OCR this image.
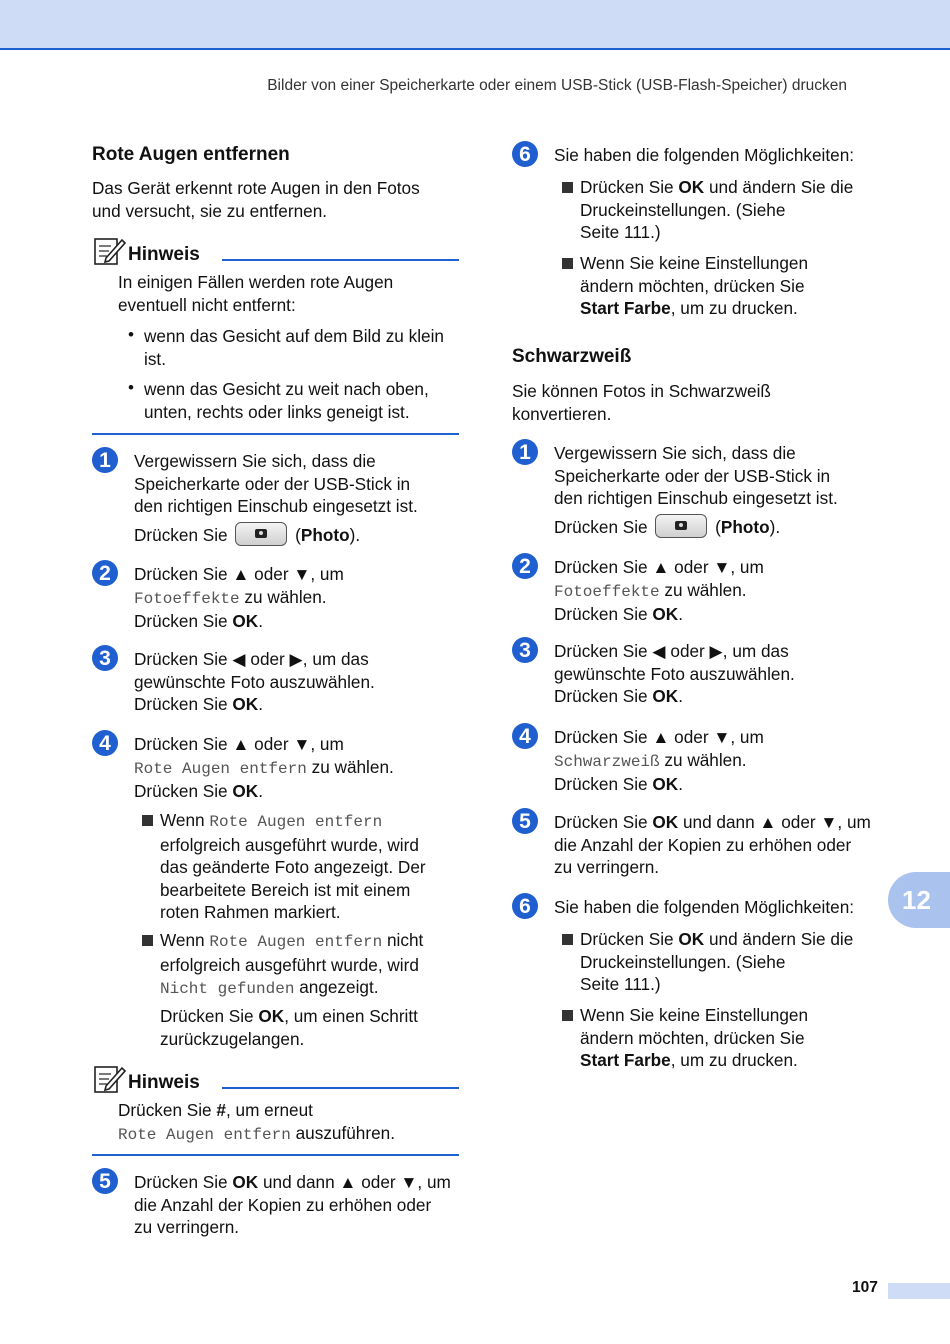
Bilder von einer Speicherkarte oder einem USB-Stick (USB-Flash-Speicher) drucken
Rote Augen entfernen
Das Gerät erkennt rote Augen in den Fotos
und versucht, sie zu entfernen.
Hinweis
In einigen Fällen werden rote Augen
eventuell nicht entfernt:
• wenn das Gesicht auf dem Bild zu klein
ist.
• wenn das Gesicht zu weit nach oben,
unten, rechts oder links geneigt ist.
1	Vergewissern Sie sich, dass die
Speicherkarte oder der USB-Stick in
den richtigen Einschub eingesetzt ist.
Drücken Sie	(Photo).
2	Drücken Sie ▲ oder ▼, um
Fotoeffekte zu wählen.
Drücken Sie OK.
3	Drücken Sie ◀ oder ▶, um das
gewünschte Foto auszuwählen.
Drücken Sie OK.
4	Drücken Sie ▲ oder ▼, um
Rote Augen entfern zu wählen.
Drücken Sie OK.
Wenn Rote Augen entfern
erfolgreich ausgeführt wurde, wird
das geänderte Foto angezeigt. Der
bearbeitete Bereich ist mit einem
roten Rahmen markiert.
Wenn Rote Augen entfern nicht
erfolgreich ausgeführt wurde, wird
Nicht gefunden angezeigt.
Drücken Sie OK, um einen Schritt
zurückzugelangen.
Hinweis
Drücken Sie #, um erneut
Rote Augen entfern auszuführen.
5	Drücken Sie OK und dann ▲ oder ▼, um
die Anzahl der Kopien zu erhöhen oder
zu verringern.
6	Sie haben die folgenden Möglichkeiten:
Drücken Sie OK und ändern Sie die
Druckeinstellungen. (Siehe
Seite 111.)
Wenn Sie keine Einstellungen
ändern möchten, drücken Sie
Start Farbe, um zu drucken.
Schwarzweiß
Sie können Fotos in Schwarzweiß
konvertieren.
1	Vergewissern Sie sich, dass die
Speicherkarte oder der USB-Stick in
den richtigen Einschub eingesetzt ist.
Drücken Sie	(Photo).
2	Drücken Sie ▲ oder ▼, um
Fotoeffekte zu wählen.
Drücken Sie OK.
3	Drücken Sie ◀ oder ▶, um das
gewünschte Foto auszuwählen.
Drücken Sie OK.
4	Drücken Sie ▲ oder ▼, um
Schwarzweiß zu wählen.
Drücken Sie OK.
5	Drücken Sie OK und dann ▲ oder ▼, um
die Anzahl der Kopien zu erhöhen oder
zu verringern.
6	Sie haben die folgenden Möglichkeiten:
Drücken Sie OK und ändern Sie die
Druckeinstellungen. (Siehe
Seite 111.)
Wenn Sie keine Einstellungen
ändern möchten, drücken Sie
Start Farbe, um zu drucken.
12
107
